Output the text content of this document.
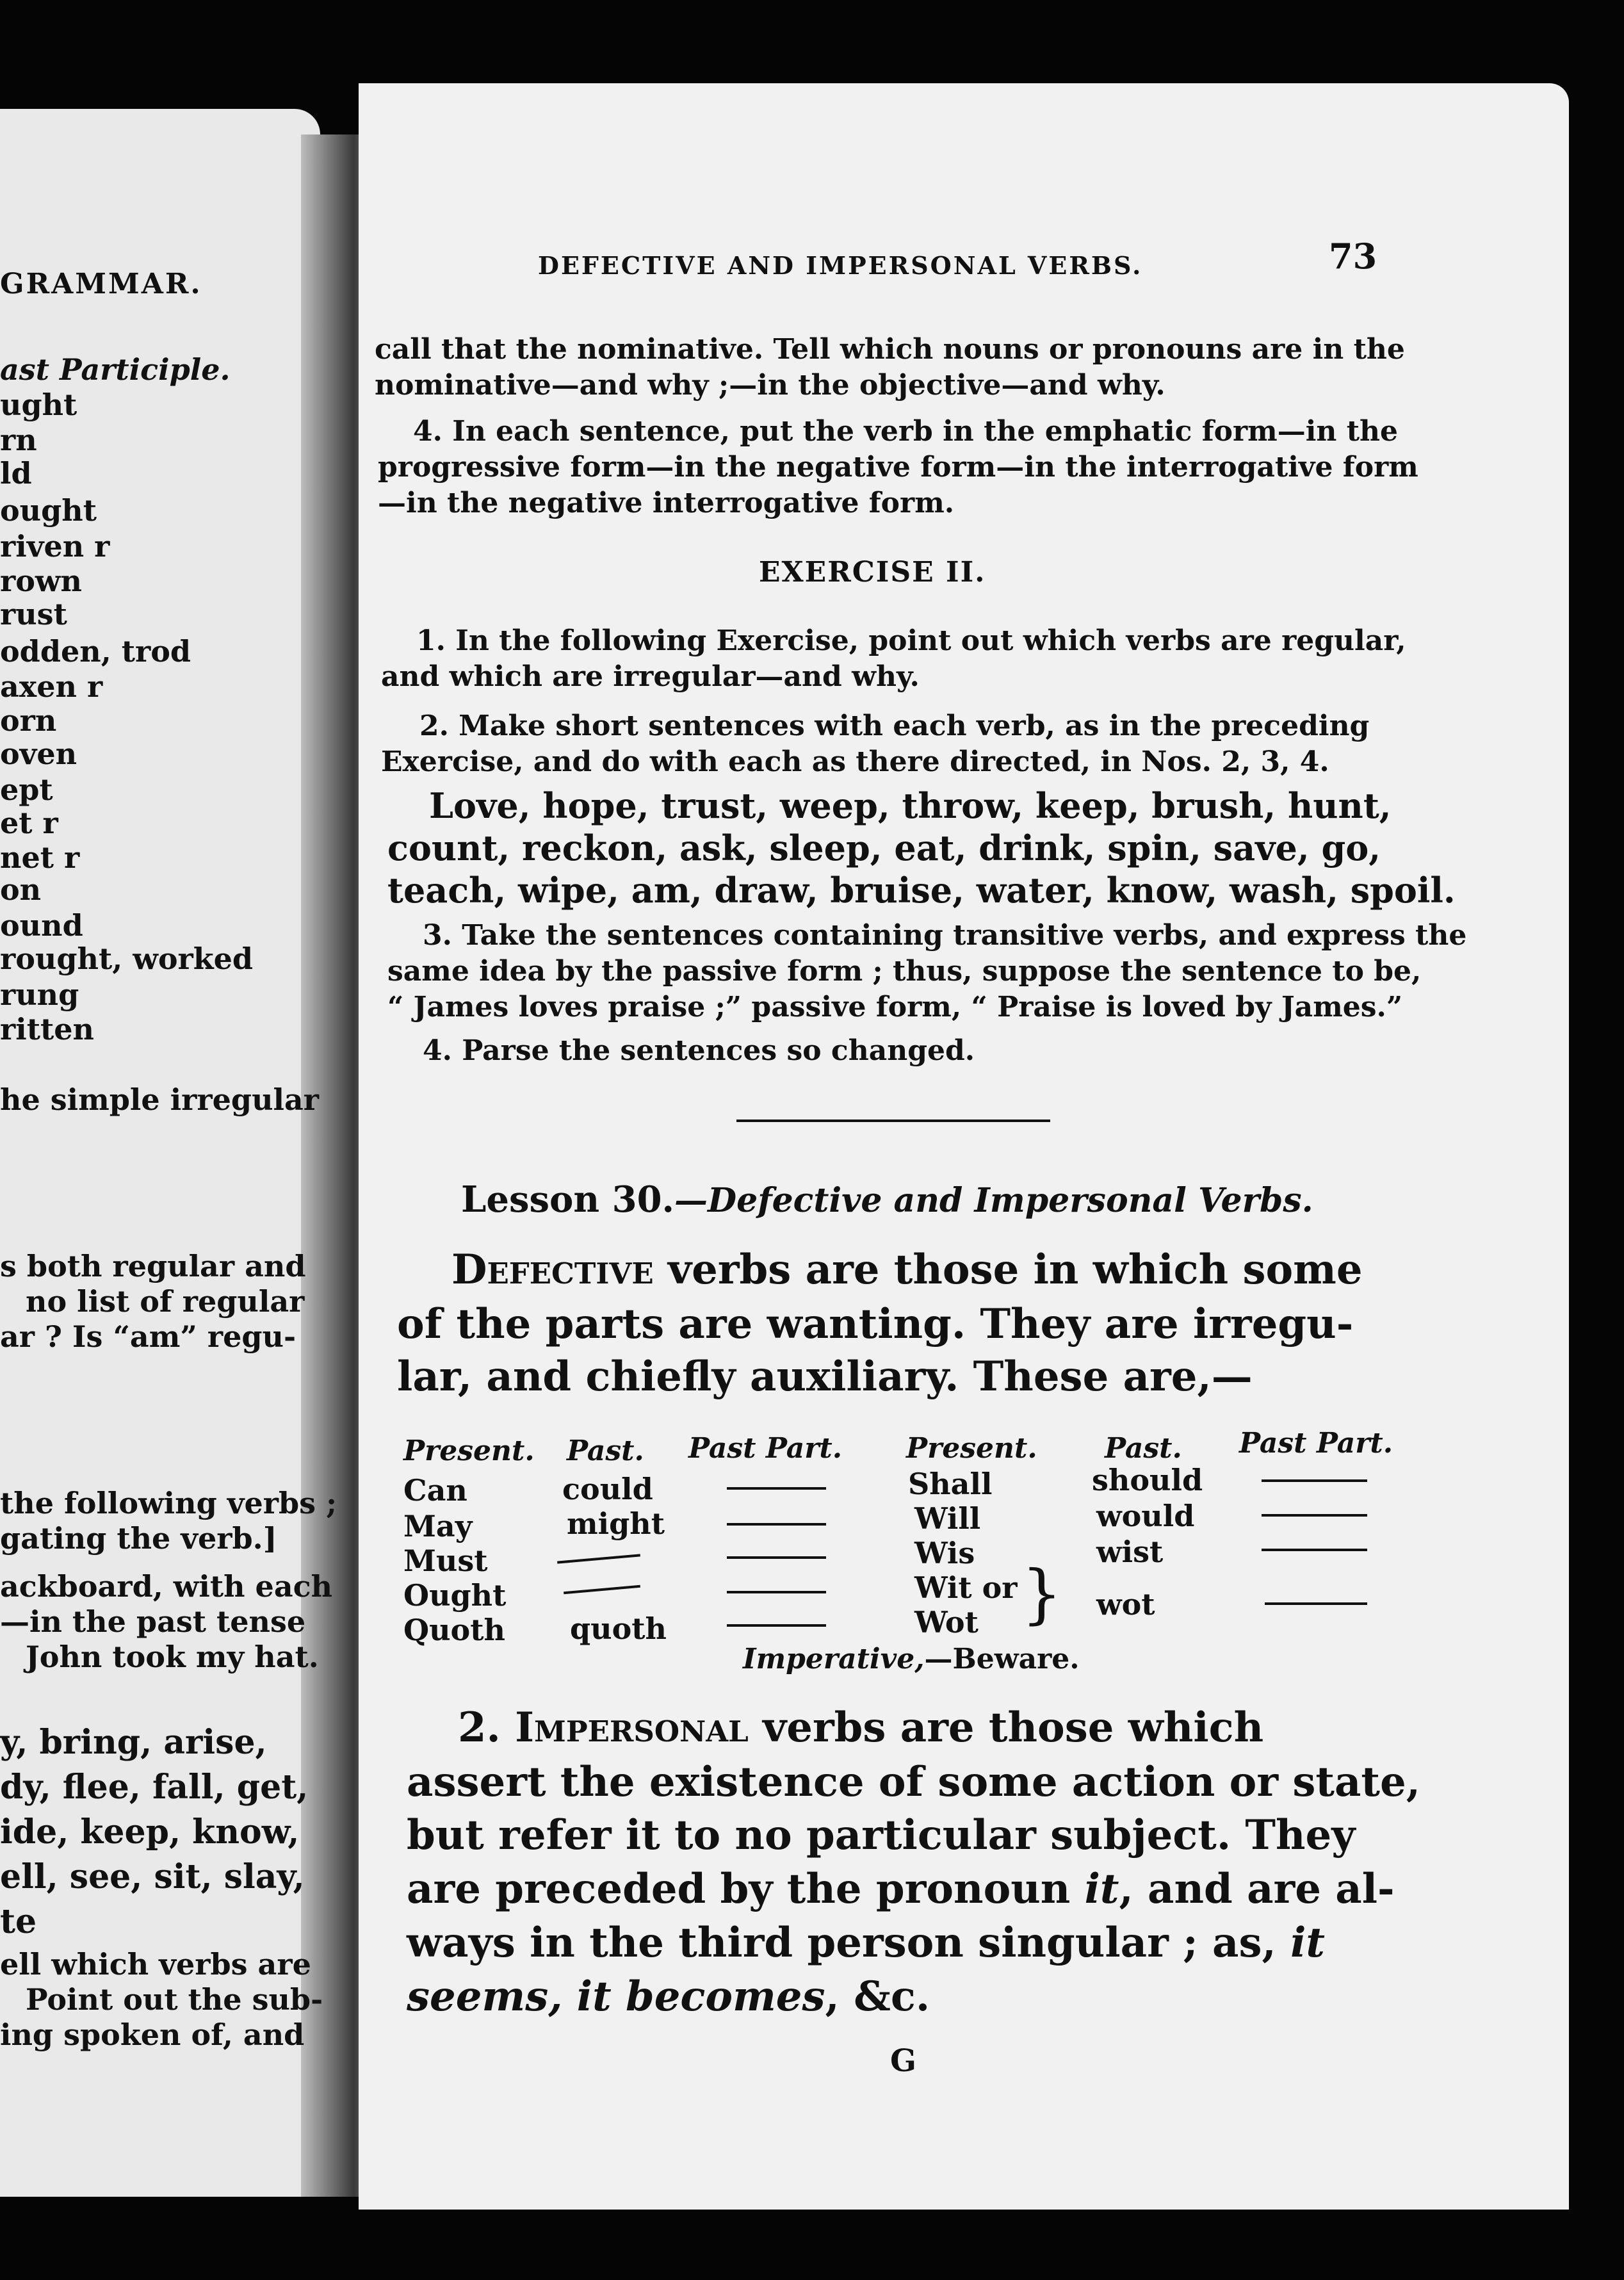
GRAMMAR.
ast Participle.
ught
rn
ld
ought
riven r
rown
rust
odden, trod
axen r
orn
oven
ept
et r
net r
on
ound
rought, worked
rung
ritten
he simple irregular
s both regular and
no list of regular
ar ? Is “am” regu-
the following verbs ;
gating the verb.]
ackboard, with each
—in the past tense
John took my hat.
y, bring, arise,
dy, flee, fall, get,
ide, keep, know,
ell, see, sit, slay,
te
ell which verbs are
Point out the sub-
ing spoken of, and
DEFECTIVE AND IMPERSONAL VERBS.	73
call that the nominative. Tell which nouns or pronouns are in the
nominative—and why ;—in the objective—and why.
4. In each sentence, put the verb in the emphatic form—in the
progressive form—in the negative form—in the interrogative form
—in the negative interrogative form.
EXERCISE II.
1. In the following Exercise, point out which verbs are regular,
and which are irregular—and why.
2. Make short sentences with each verb, as in the preceding
Exercise, and do with each as there directed, in Nos. 2, 3, 4.
Love, hope, trust, weep, throw, keep, brush, hunt,
count, reckon, ask, sleep, eat, drink, spin, save, go,
teach, wipe, am, draw, bruise, water, know, wash, spoil.
3. Take the sentences containing transitive verbs, and express the
same idea by the passive form ; thus, suppose the sentence to be,
“ James loves praise ;” passive form, “ Praise is loved by James.”
4. Parse the sentences so changed.
Lesson 30.—Defective and Impersonal Verbs.
Defective verbs are those in which some
of the parts are wanting. They are irregu-
lar, and chiefly auxiliary. These are,—
Present. Past. Past Part. Present. Past. Past Part.
Can
May
Must
Ought
Quoth
could
might
quoth
Shall
Will
Wis
Wit or
Wot }
should
would
wist
wot
Imperative,—Beware.
2. Impersonal verbs are those which
assert the existence of some action or state,
but refer it to no particular subject. They
are preceded by the pronoun it, and are al-
ways in the third person singular ; as, it
seems, it becomes, &c.
G
